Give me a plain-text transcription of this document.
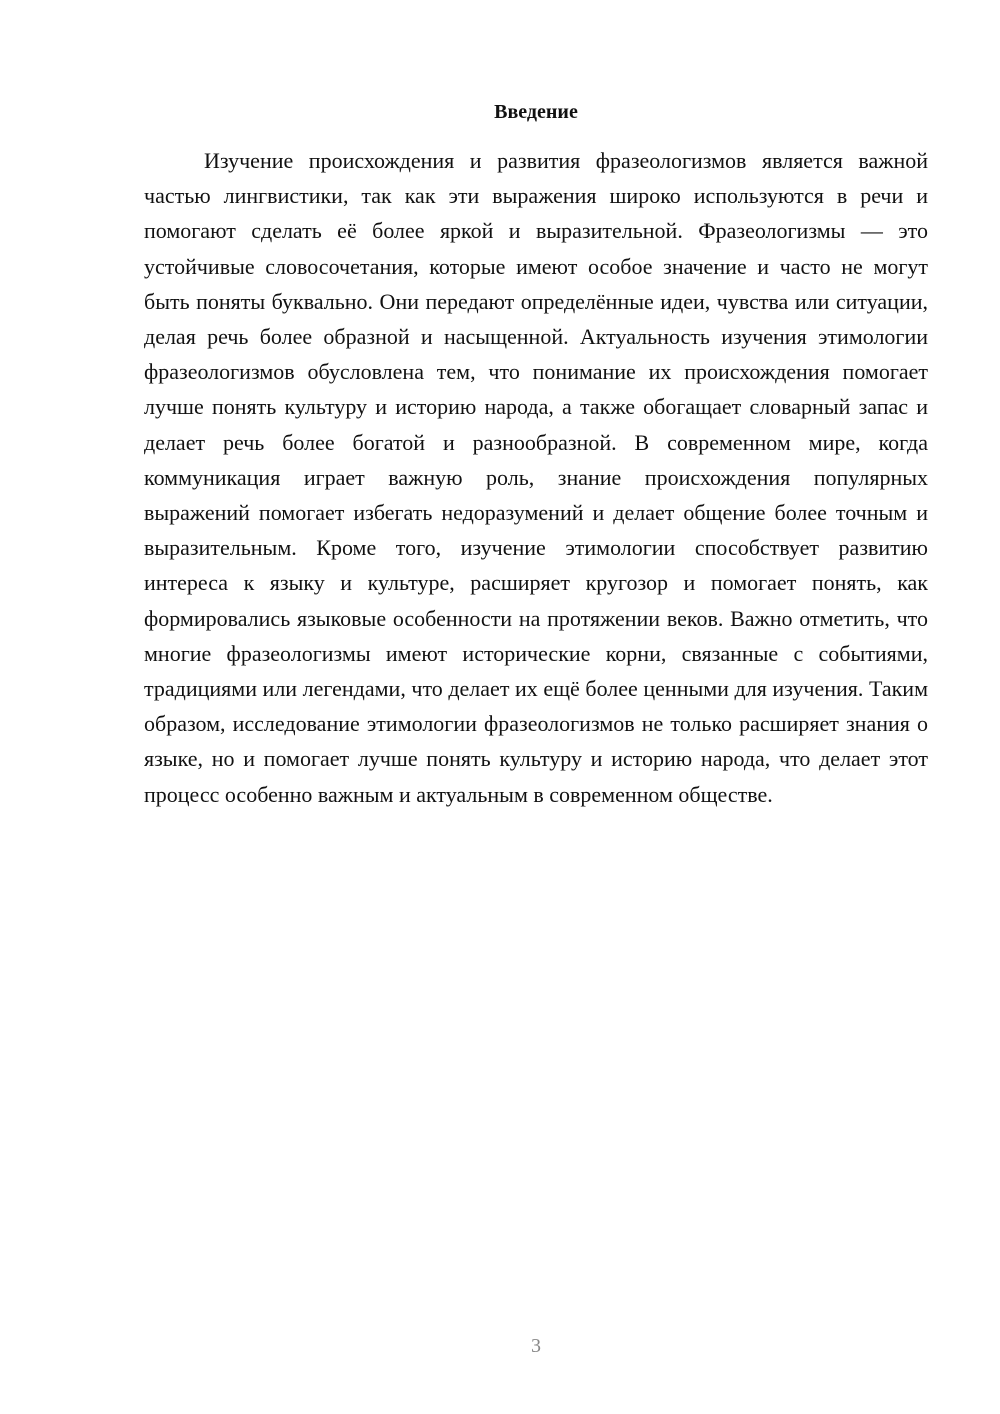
Введение

Изучение происхождения и развития фразеологизмов является важной частью лингвистики, так как эти выражения широко используются в речи и помогают сделать её более яркой и выразительной. Фразеологизмы — это устойчивые словосочетания, которые имеют особое значение и часто не могут быть поняты буквально. Они передают определённые идеи, чувства или ситуации, делая речь более образной и насыщенной. Актуальность изучения этимологии фразеологизмов обусловлена тем, что понимание их происхождения помогает лучше понять культуру и историю народа, а также обогащает словарный запас и делает речь более богатой и разнообразной. В современном мире, когда коммуникация играет важную роль, знание происхождения популярных выражений помогает избегать недоразумений и делает общение более точным и выразительным. Кроме того, изучение этимологии способствует развитию интереса к языку и культуре, расширяет кругозор и помогает понять, как формировались языковые особенности на протяжении веков. Важно отметить, что многие фразеологизмы имеют исторические корни, связанные с событиями, традициями или легендами, что делает их ещё более ценными для изучения. Таким образом, исследование этимологии фразеологизмов не только расширяет знания о языке, но и помогает лучше понять культуру и историю народа, что делает этот процесс особенно важным и актуальным в современном обществе.

3
